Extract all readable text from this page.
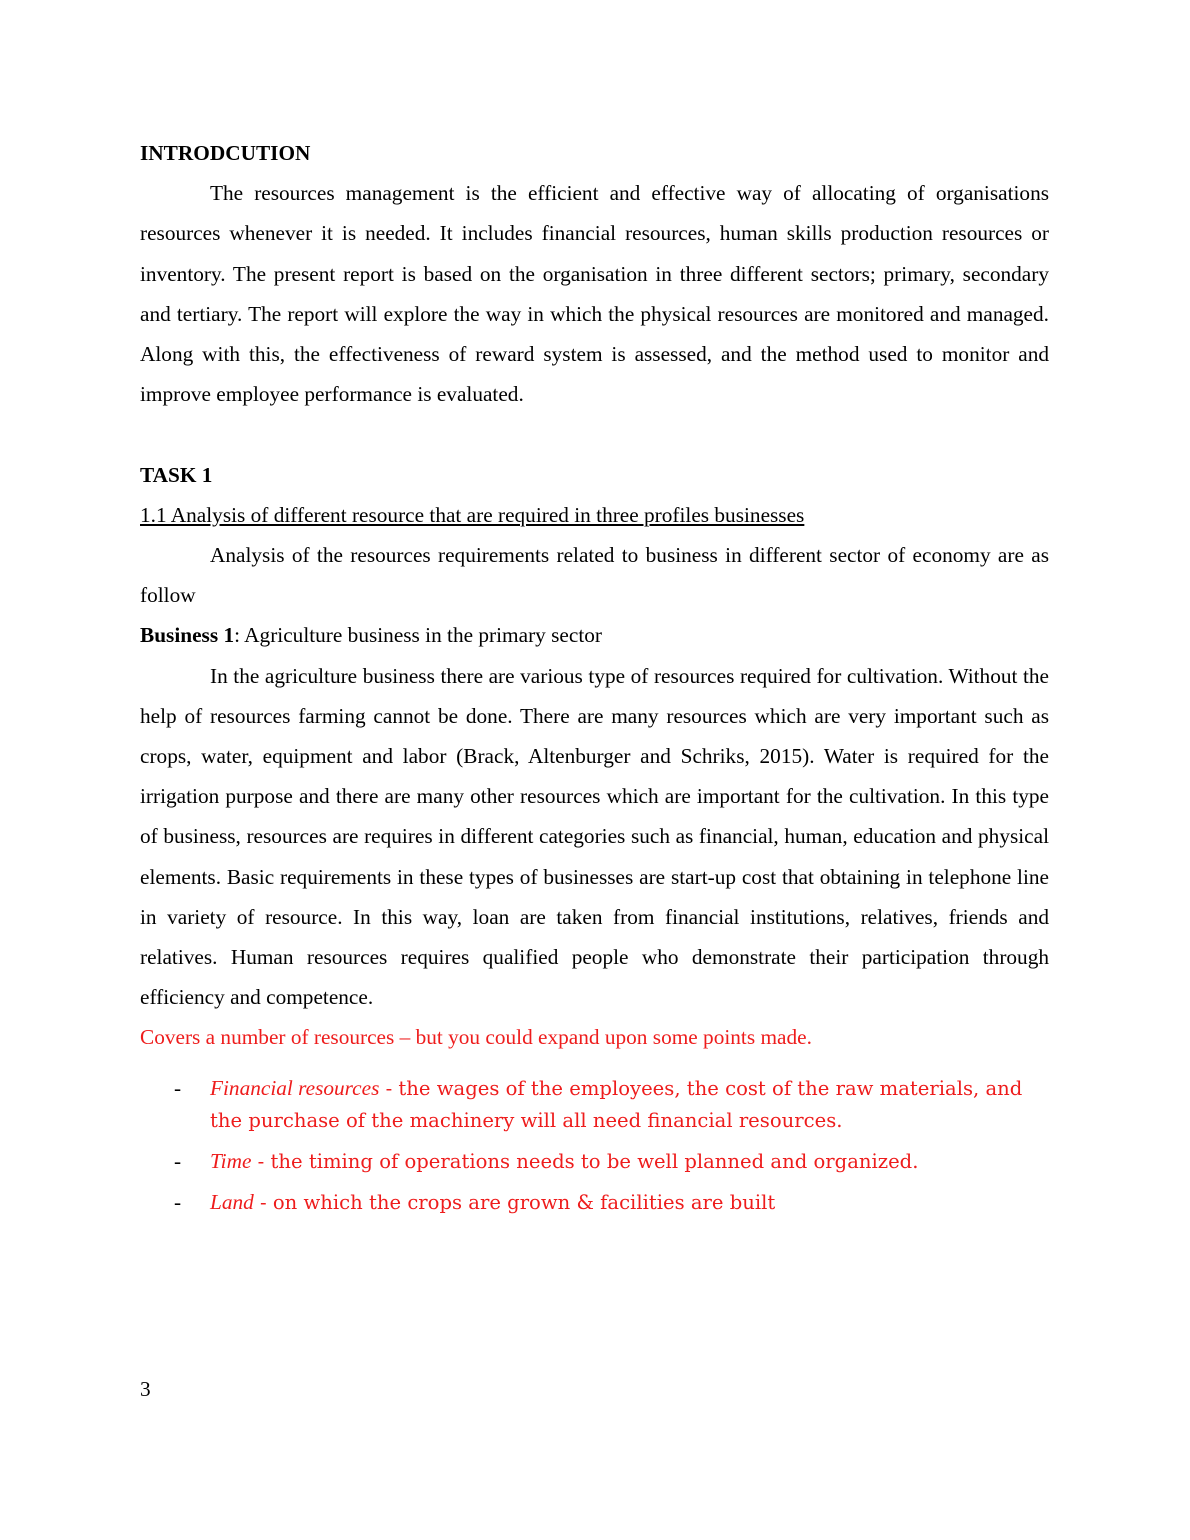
INTRODCUTION

The resources management is the efficient and effective way of allocating of organisations resources whenever it is needed. It includes financial resources, human skills production resources or inventory. The present report is based on the organisation in three different sectors; primary, secondary and tertiary. The report will explore the way in which the physical resources are monitored and managed. Along with this, the effectiveness of reward system is assessed, and the method used to monitor and improve employee performance is evaluated.

TASK 1

1.1 Analysis of different resource that are required in three profiles businesses

Analysis of the resources requirements related to business in different sector of economy are as follow

Business 1: Agriculture business in the primary sector

In the agriculture business there are various type of resources required for cultivation. Without the help of resources farming cannot be done. There are many resources which are very important such as crops, water, equipment and labor (Brack, Altenburger and Schriks, 2015). Water is required for the irrigation purpose and there are many other resources which are important for the cultivation. In this type of business, resources are requires in different categories such as financial, human, education and physical elements. Basic requirements in these types of businesses are start-up cost that obtaining in telephone line in variety of resource. In this way, loan are taken from financial institutions, relatives, friends and relatives. Human resources requires qualified people who demonstrate their participation through efficiency and competence.

Covers a number of resources – but you could expand upon some points made.

- Financial resources - the wages of the employees, the cost of the raw materials, and the purchase of the machinery will all need financial resources.
- Time - the timing of operations needs to be well planned and organized.
- Land - on which the crops are grown & facilities are built
3
